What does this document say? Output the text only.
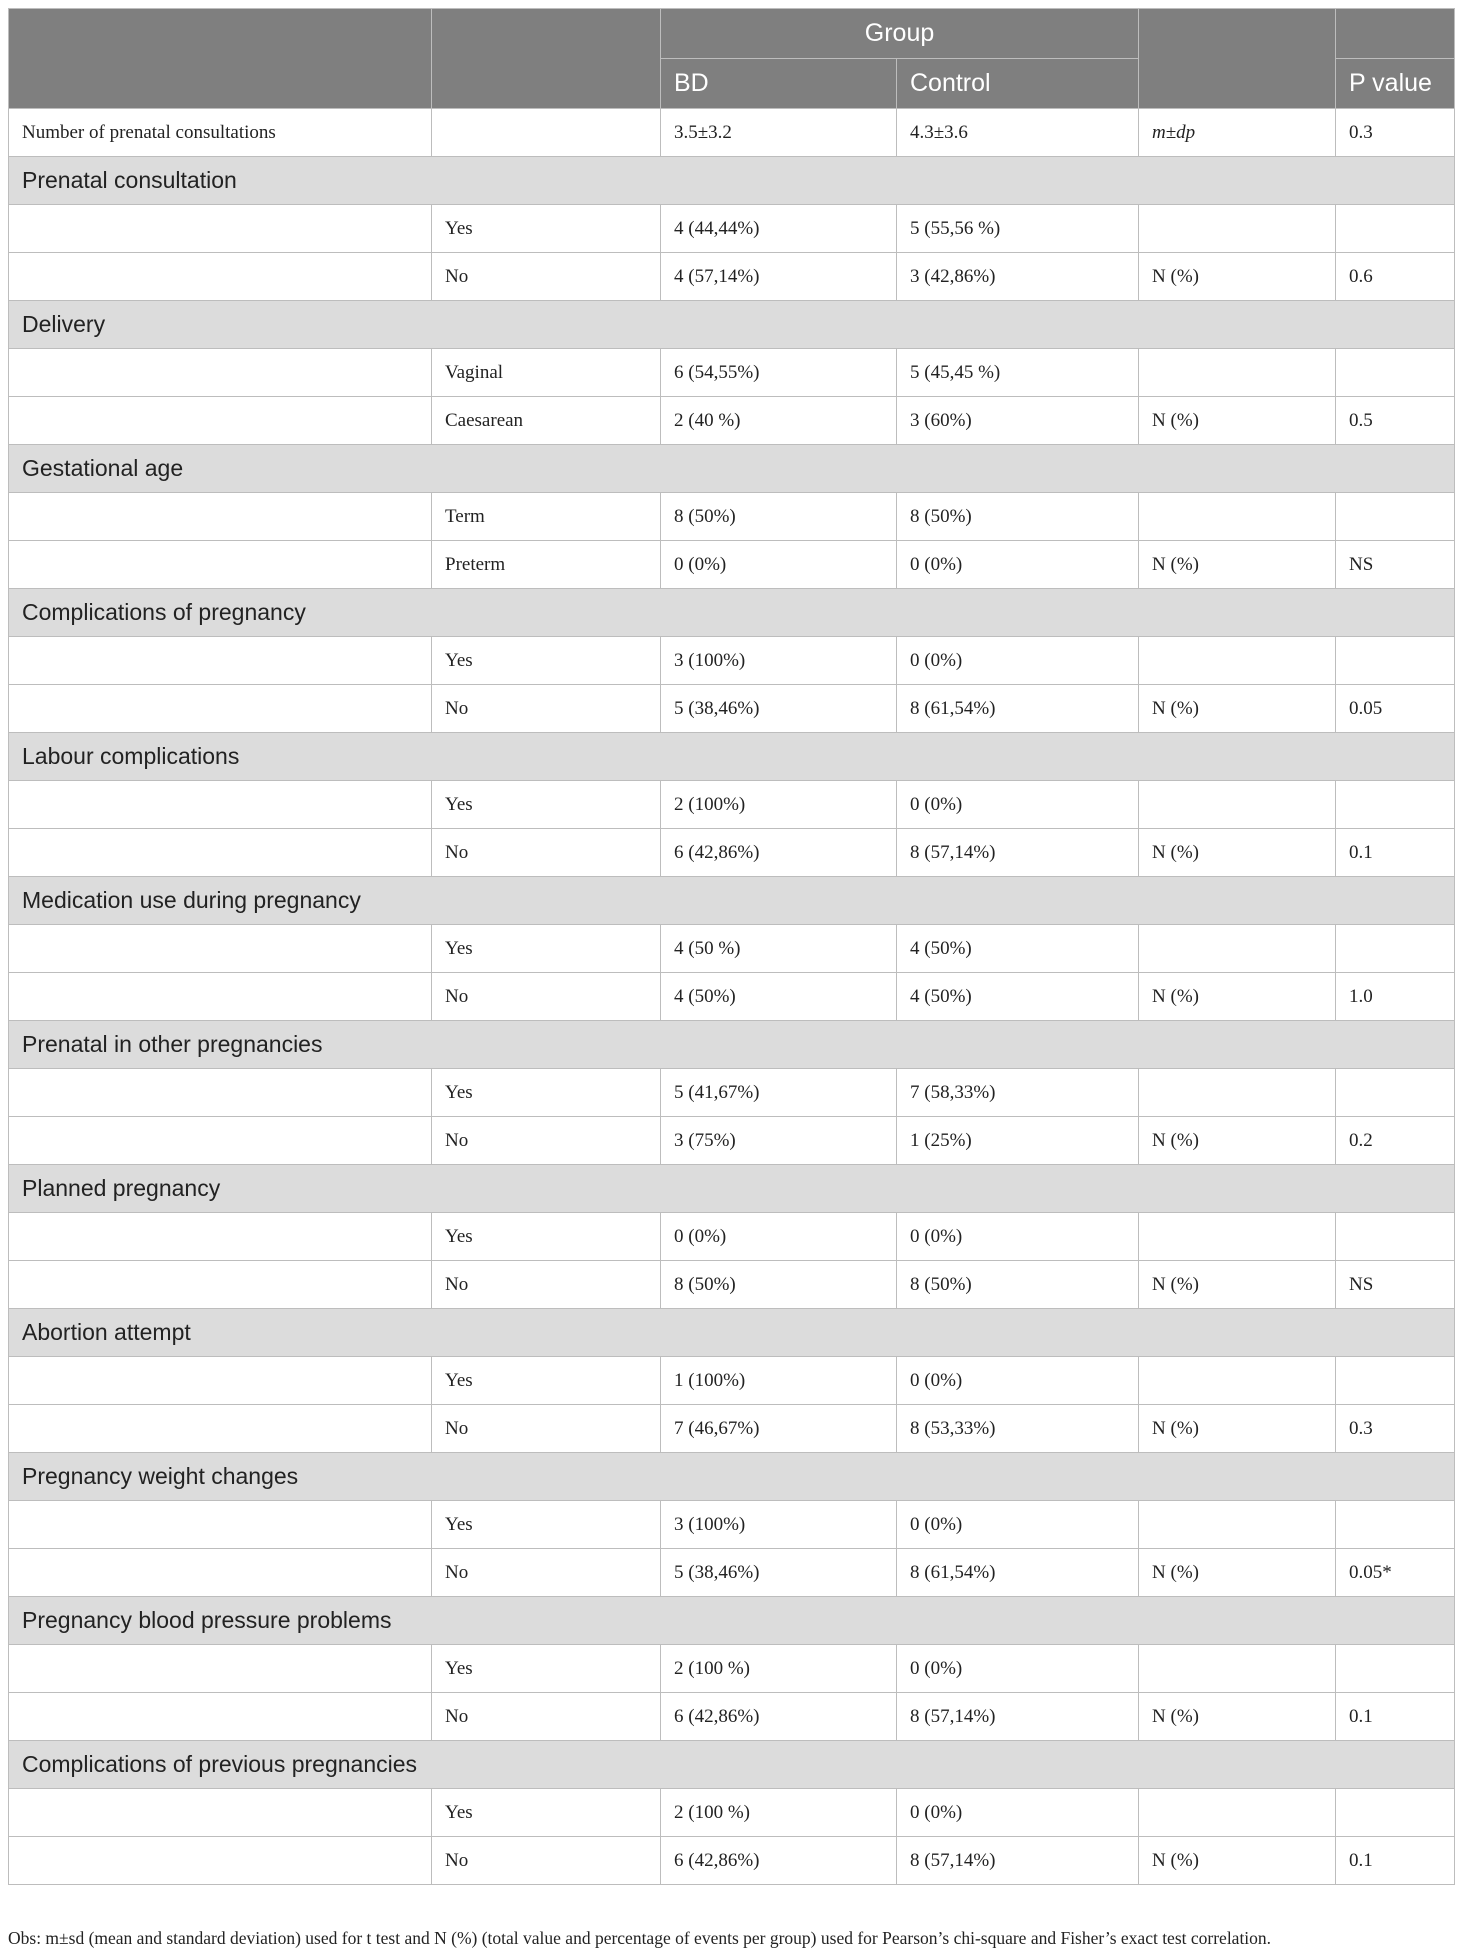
		Group			
		BD	Control		P value
Number of prenatal consultations		3.5±3.2	4.3±3.6	m±dp	0.3
Prenatal consultation					
	Yes	4 (44,44%)	5 (55,56 %)		
	No	4 (57,14%)	3 (42,86%)	N (%)	0.6
Delivery					
	Vaginal	6 (54,55%)	5 (45,45 %)		
	Caesarean	2 (40 %)	3 (60%)	N (%)	0.5
Gestational age					
	Term	8 (50%)	8 (50%)		
	Preterm	0 (0%)	0 (0%)	N (%)	NS
Complications of pregnancy					
	Yes	3 (100%)	0 (0%)		
	No	5 (38,46%)	8 (61,54%)	N (%)	0.05
Labour complications					
	Yes	2 (100%)	0 (0%)		
	No	6 (42,86%)	8 (57,14%)	N (%)	0.1
Medication use during pregnancy					
	Yes	4 (50 %)	4 (50%)		
	No	4 (50%)	4 (50%)	N (%)	1.0
Prenatal in other pregnancies					
	Yes	5 (41,67%)	7 (58,33%)		
	No	3 (75%)	1 (25%)	N (%)	0.2
Planned pregnancy					
	Yes	0 (0%)	0 (0%)		
	No	8 (50%)	8 (50%)	N (%)	NS
Abortion attempt					
	Yes	1 (100%)	0 (0%)		
	No	7 (46,67%)	8 (53,33%)	N (%)	0.3
Pregnancy weight changes					
	Yes	3 (100%)	0 (0%)		
	No	5 (38,46%)	8 (61,54%)	N (%)	0.05*
Pregnancy blood pressure problems					
	Yes	2 (100 %)	0 (0%)		
	No	6 (42,86%)	8 (57,14%)	N (%)	0.1
Complications of previous pregnancies					
	Yes	2 (100 %)	0 (0%)		
	No	6 (42,86%)	8 (57,14%)	N (%)	0.1
Obs: m±sd (mean and standard deviation) used for t test and N (%) (total value and percentage of events per group) used for Pearson’s chi-square and Fisher’s exact test correlation.
